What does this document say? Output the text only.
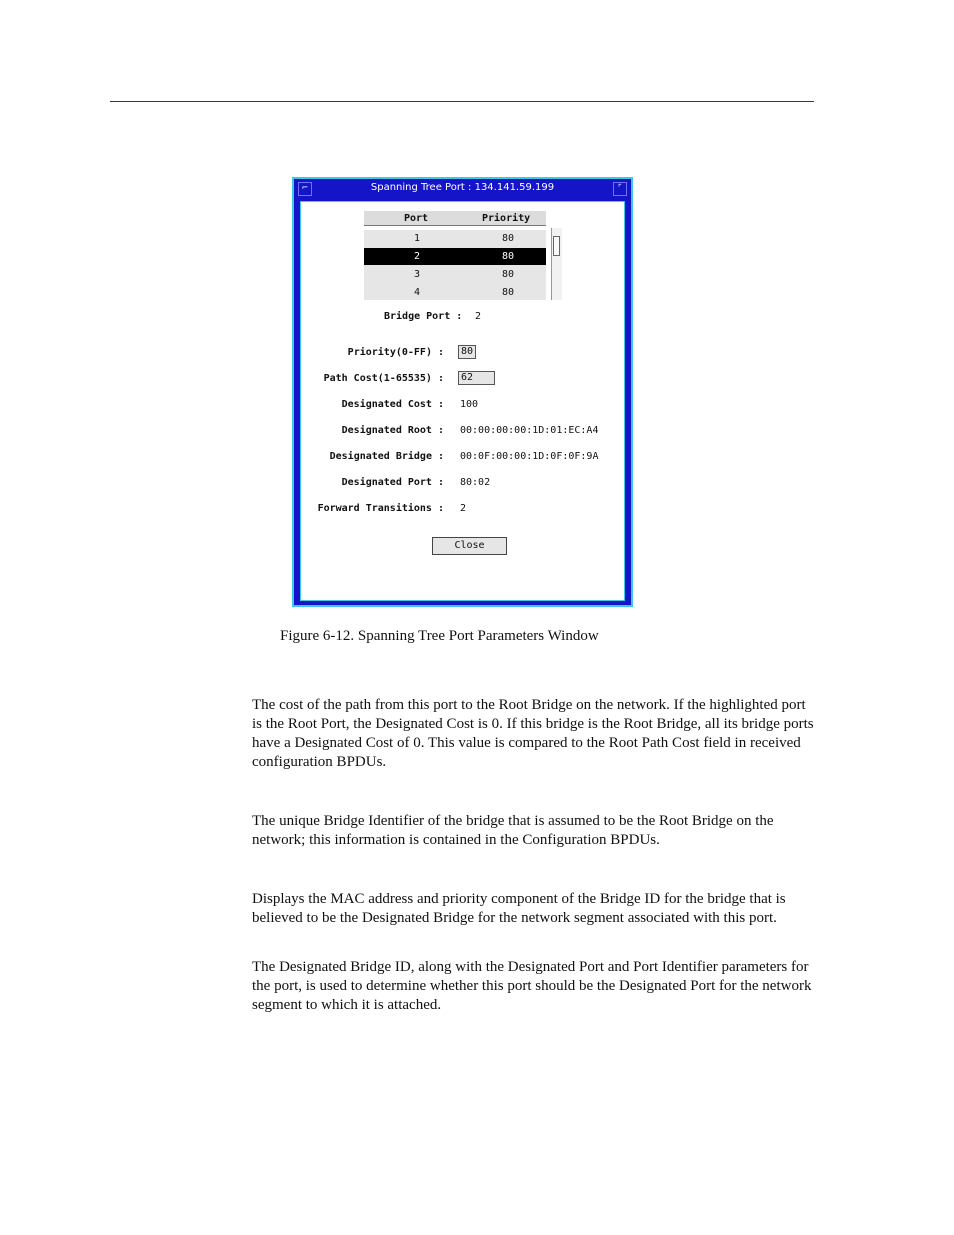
⌐	Spanning Tree Port : 134.141.59.199	⌜
Port	Priority
1	80
2	80
3	80
4	80
Bridge Port : 2
Priority(0-FF) :	80
Path Cost(1-65535) :	62
Designated Cost : 100
Designated Root : 00:00:00:00:1D:01:EC:A4
Designated Bridge : 00:0F:00:00:1D:0F:0F:9A
Designated Port : 80:02
Forward Transitions : 2
Close
Figure 6-12. Spanning Tree Port Parameters Window

The cost of the path from this port to the Root Bridge on the network. If the highlighted port is the Root Port, the Designated Cost is 0. If this bridge is the Root Bridge, all its bridge ports have a Designated Cost of 0. This value is compared to the Root Path Cost field in received configuration BPDUs.

The unique Bridge Identifier of the bridge that is assumed to be the Root Bridge on the network; this information is contained in the Configuration BPDUs.

Displays the MAC address and priority component of the Bridge ID for the bridge that is believed to be the Designated Bridge for the network segment associated with this port.

The Designated Bridge ID, along with the Designated Port and Port Identifier parameters for the port, is used to determine whether this port should be the Designated Port for the network segment to which it is attached.
